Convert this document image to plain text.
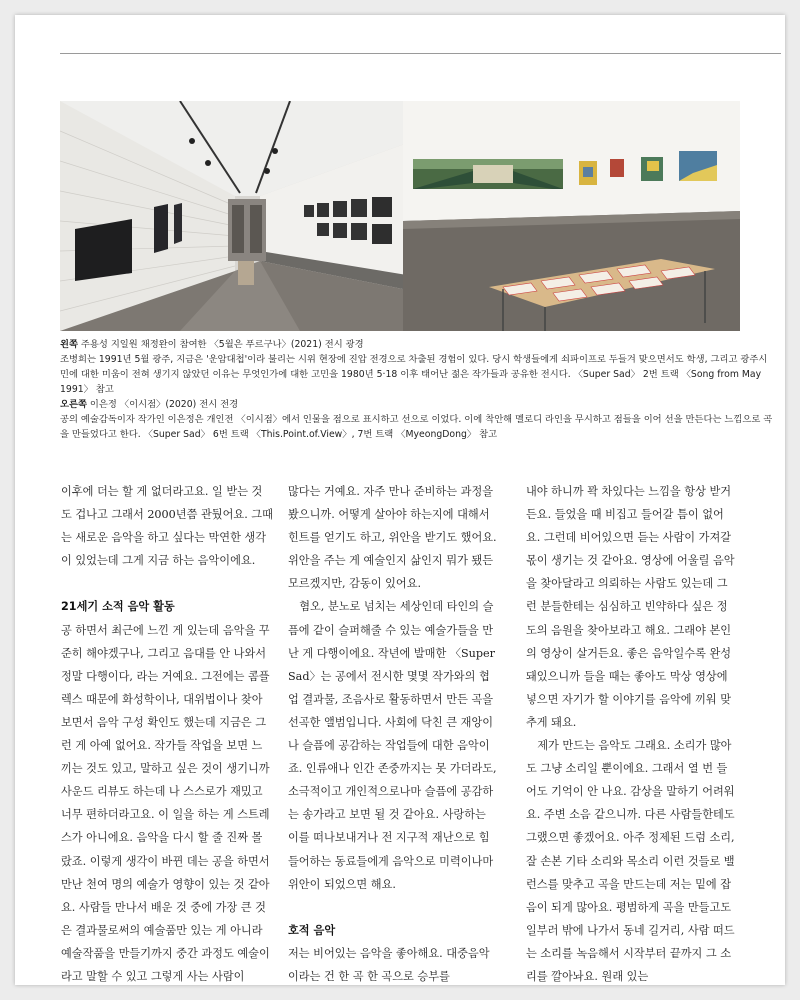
왼쪽 주용성 지일원 채정완이 참여한 〈5월은 푸르구나〉(2021) 전시 광경
조병희는 1991년 5월 광주, 지금은 '운암대첩'이라 불리는 시위 현장에 진압 전경으로 차출된 경험이 있다. 당시 학생들에게 쇠파이프로 두들겨 맞으면서도 학생, 그리고 광주시민에 대한 미움이 전혀 생기지 않았던 이유는 무엇인가에 대한 고민을 1980년 5·18 이후 태어난 젊은 작가들과 공유한 전시다. 〈Super Sad〉 2번 트랙 〈Song from May 1991〉 참고
오른쪽 이은정 〈이시점〉(2020) 전시 전경
공의 예술감독이자 작가인 이은정은 개인전 〈이시점〉에서 인물을 점으로 표시하고 선으로 이었다. 이에 착안해 멜로디 라인을 무시하고 점들을 이어 선을 만든다는 느낌으로 곡을 만들었다고 한다. 〈Super Sad〉 6번 트랙 〈This.Point.of.View〉, 7번 트랙 〈MyeongDong〉 참고

이후에 더는 할 게 없더라고요. 일 받는 것도 겁나고 그래서 2000년쯤 관뒀어요. 그때는 새로운 음악을 하고 싶다는 막연한 생각이 있었는데 그게 지금 하는 음악이에요.

21세기 소적 음악 활동

공 하면서 최근에 느낀 게 있는데 음악을 꾸준히 해야겠구나, 그리고 음대를 안 나와서 정말 다행이다, 라는 거예요. 그전에는 콤플렉스 때문에 화성학이나, 대위법이나 찾아보면서 음악 구성 확인도 했는데 지금은 그런 게 아예 없어요. 작가들 작업을 보면 느끼는 것도 있고, 말하고 싶은 것이 생기니까 사운드 리뷰도 하는데 나 스스로가 재밌고 너무 편하더라고요. 이 일을 하는 게 스트레스가 아니에요. 음악을 다시 할 줄 진짜 몰랐죠. 이렇게 생각이 바뀐 데는 공을 하면서 만난 천여 명의 예술가 영향이 있는 것 같아요. 사람들 만나서 배운 것 중에 가장 큰 것은 결과물로써의 예술품만 있는 게 아니라 예술작품을 만들기까지 중간 과정도 예술이라고 말할 수 있고 그렇게 사는 사람이

많다는 거예요. 자주 만나 준비하는 과정을 봤으니까. 어떻게 살아야 하는지에 대해서 힌트를 얻기도 하고, 위안을 받기도 했어요. 위안을 주는 게 예술인지 삶인지 뭐가 됐든 모르겠지만, 감동이 있어요.

혐오, 분노로 넘치는 세상인데 타인의 슬픔에 같이 슬퍼해줄 수 있는 예술가들을 만난 게 다행이에요. 작년에 발매한 〈Super Sad〉는 공에서 전시한 몇몇 작가와의 협업 결과물, 조음사로 활동하면서 만든 곡을 선곡한 앨범입니다. 사회에 닥친 큰 재앙이나 슬픔에 공감하는 작업들에 대한 음악이죠. 인류애나 인간 존중까지는 못 가더라도, 소극적이고 개인적으로나마 슬픔에 공감하는 송가라고 보면 될 것 같아요. 사랑하는 이를 떠나보내거나 전 지구적 재난으로 힘들어하는 동료들에게 음악으로 미력이나마 위안이 되었으면 해요.

호적 음악

저는 비어있는 음악을 좋아해요. 대중음악이라는 건 한 곡 한 곡으로 승부를

내야 하니까 꽉 차있다는 느낌을 항상 받거든요. 들었을 때 비집고 들어갈 틈이 없어요. 그런데 비어있으면 듣는 사람이 가져갈 몫이 생기는 것 같아요. 영상에 어울릴 음악을 찾아달라고 의뢰하는 사람도 있는데 그런 분들한테는 심심하고 빈약하다 싶은 정도의 음원을 찾아보라고 해요. 그래야 본인의 영상이 살거든요. 좋은 음악일수록 완성돼있으니까 들을 때는 좋아도 막상 영상에 넣으면 자기가 할 이야기를 음악에 끼워 맞추게 돼요.

제가 만드는 음악도 그래요. 소리가 많아도 그냥 소리일 뿐이에요. 그래서 열 번 들어도 기억이 안 나요. 감상을 말하기 어려워요. 주변 소음 같으니까. 다른 사람들한테도 그랬으면 좋겠어요. 아주 정제된 드럼 소리, 잘 손본 기타 소리와 목소리 이런 것들로 밸런스를 맞추고 곡을 만드는데 저는 밑에 잡음이 되게 많아요. 평범하게 곡을 만들고도 일부러 밖에 나가서 동네 길거리, 사람 떠드는 소리를 녹음해서 시작부터 끝까지 그 소리를 깔아놔요. 원래 있는
